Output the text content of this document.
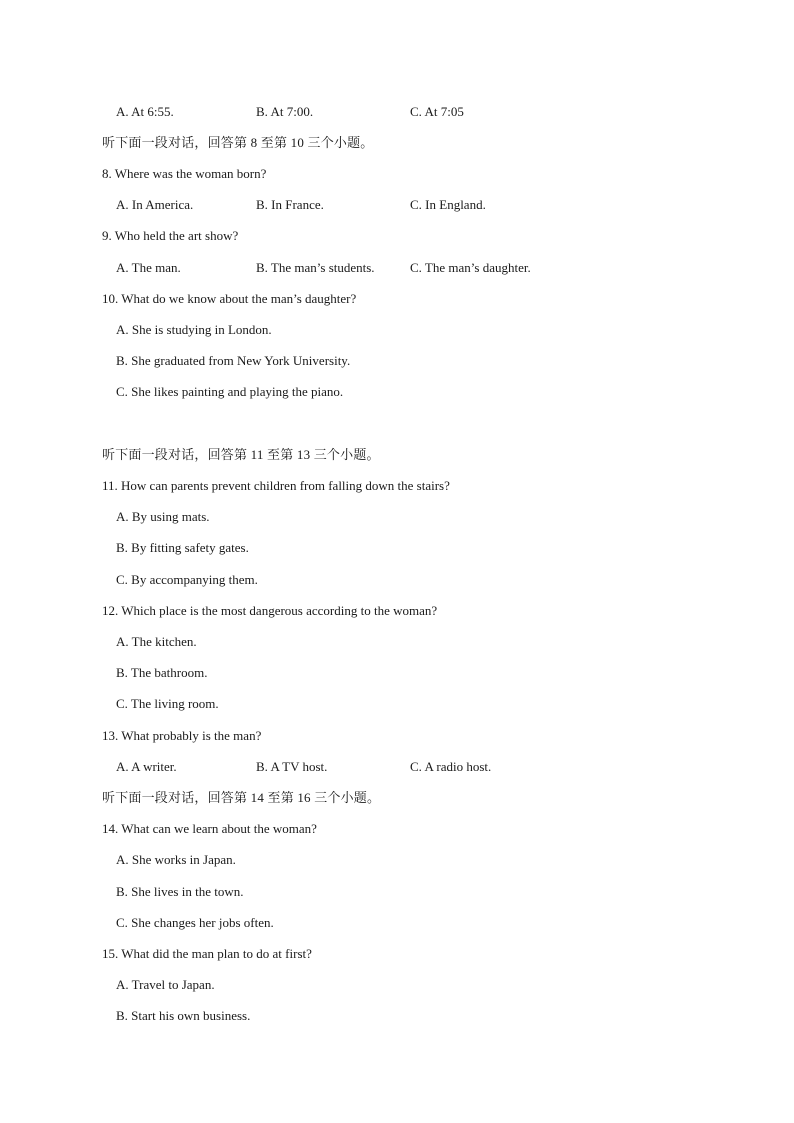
A. At 6:55.	B. At 7:00.	C. At 7:05
听下面一段对话，回答第 8 至第 10 三个小题。
8. Where was the woman born?
A. In America.	B. In France.	C. In England.
9. Who held the art show?
A. The man.	B. The man’s students.	C. The man’s daughter.
10. What do we know about the man’s daughter?
A. She is studying in London.
B. She graduated from New York University.
C. She likes painting and playing the piano.
听下面一段对话，回答第 11 至第 13 三个小题。
11. How can parents prevent children from falling down the stairs?
A. By using mats.
B. By fitting safety gates.
C. By accompanying them.
12. Which place is the most dangerous according to the woman?
A. The kitchen.
B. The bathroom.
C. The living room.
13. What probably is the man?
A. A writer.	B. A TV host.	C. A radio host.
听下面一段对话，回答第 14 至第 16 三个小题。
14. What can we learn about the woman?
A. She works in Japan.
B. She lives in the town.
C. She changes her jobs often.
15. What did the man plan to do at first?
A. Travel to Japan.
B. Start his own business.
